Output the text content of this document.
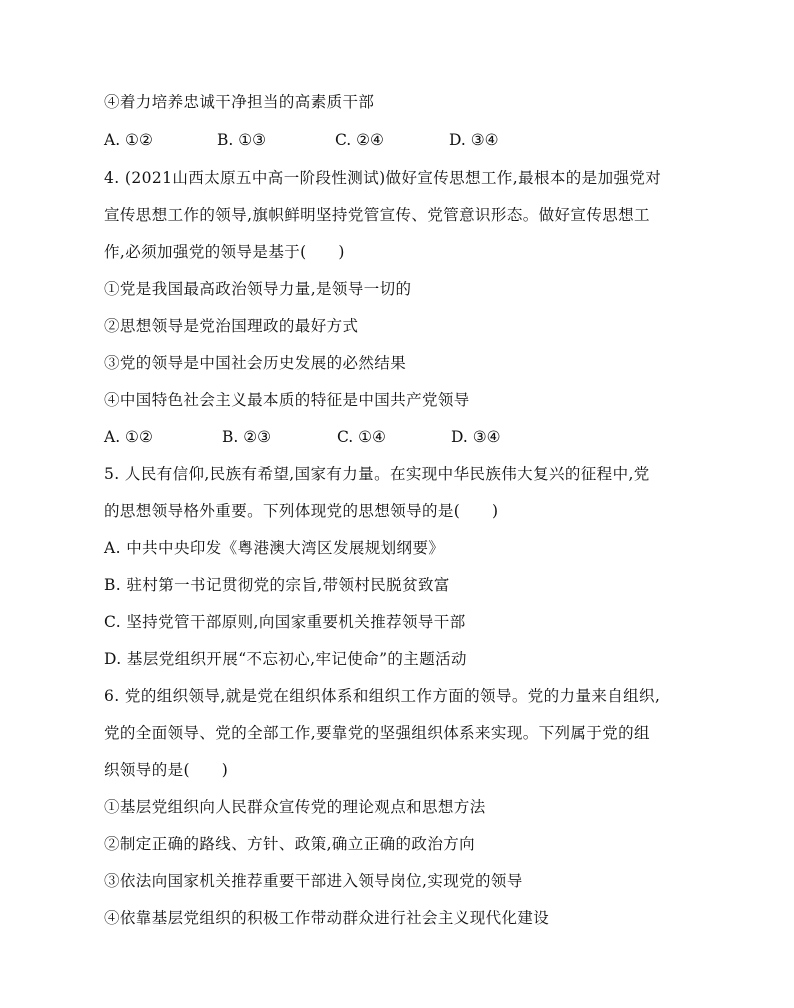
④着力培养忠诚干净担当的高素质干部
A. ①②	B. ①③	C. ②④	D. ③④
4. (2021山西太原五中高一阶段性测试)做好宣传思想工作,最根本的是加强党对
宣传思想工作的领导,旗帜鲜明坚持党管宣传、党管意识形态。做好宣传思想工
作,必须加强党的领导是基于(　　)
①党是我国最高政治领导力量,是领导一切的
②思想领导是党治国理政的最好方式
③党的领导是中国社会历史发展的必然结果
④中国特色社会主义最本质的特征是中国共产党领导
A. ①②	B. ②③	C. ①④	D. ③④
5. 人民有信仰,民族有希望,国家有力量。在实现中华民族伟大复兴的征程中,党
的思想领导格外重要。下列体现党的思想领导的是(　　)
A. 中共中央印发《粤港澳大湾区发展规划纲要》
B. 驻村第一书记贯彻党的宗旨,带领村民脱贫致富
C. 坚持党管干部原则,向国家重要机关推荐领导干部
D. 基层党组织开展“不忘初心,牢记使命”的主题活动
6. 党的组织领导,就是党在组织体系和组织工作方面的领导。党的力量来自组织,
党的全面领导、党的全部工作,要靠党的坚强组织体系来实现。下列属于党的组
织领导的是(　　)
①基层党组织向人民群众宣传党的理论观点和思想方法
②制定正确的路线、方针、政策,确立正确的政治方向
③依法向国家机关推荐重要干部进入领导岗位,实现党的领导
④依靠基层党组织的积极工作带动群众进行社会主义现代化建设
